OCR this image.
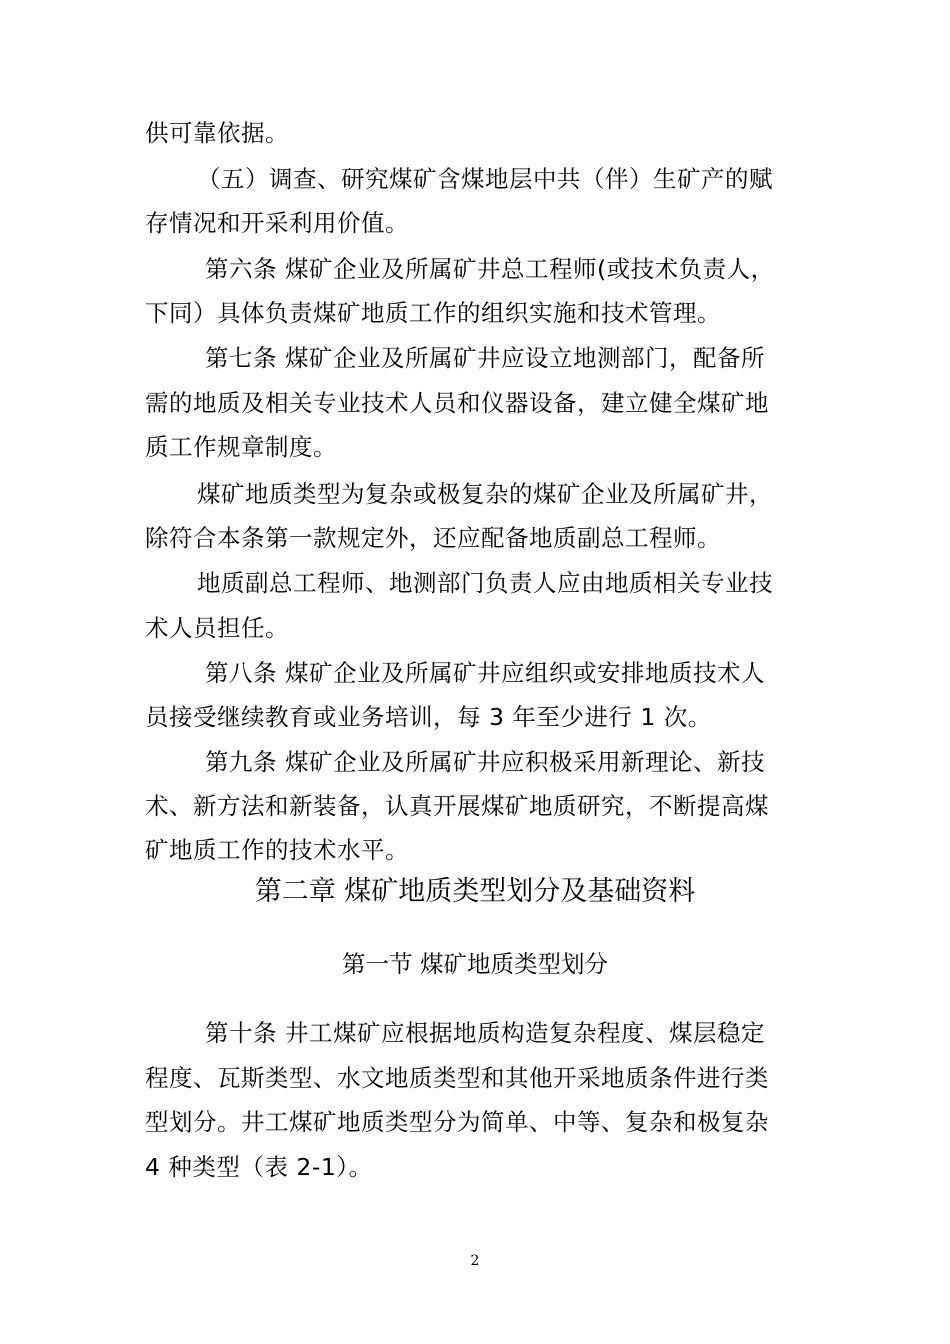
供可靠依据。
（五）调查、研究煤矿含煤地层中共（伴）生矿产的赋
存情况和开采利用价值。
第六条 煤矿企业及所属矿井总工程师(或技术负责人，
下同）具体负责煤矿地质工作的组织实施和技术管理。
第七条 煤矿企业及所属矿井应设立地测部门，配备所
需的地质及相关专业技术人员和仪器设备，建立健全煤矿地
质工作规章制度。
煤矿地质类型为复杂或极复杂的煤矿企业及所属矿井，
除符合本条第一款规定外，还应配备地质副总工程师。
地质副总工程师、地测部门负责人应由地质相关专业技
术人员担任。
第八条 煤矿企业及所属矿井应组织或安排地质技术人
员接受继续教育或业务培训，每 3 年至少进行 1 次。
第九条 煤矿企业及所属矿井应积极采用新理论、新技
术、新方法和新装备，认真开展煤矿地质研究，不断提高煤
矿地质工作的技术水平。
第二章 煤矿地质类型划分及基础资料
第一节 煤矿地质类型划分
第十条 井工煤矿应根据地质构造复杂程度、煤层稳定
程度、瓦斯类型、水文地质类型和其他开采地质条件进行类
型划分。井工煤矿地质类型分为简单、中等、复杂和极复杂
4 种类型（表 2-1）。
2
